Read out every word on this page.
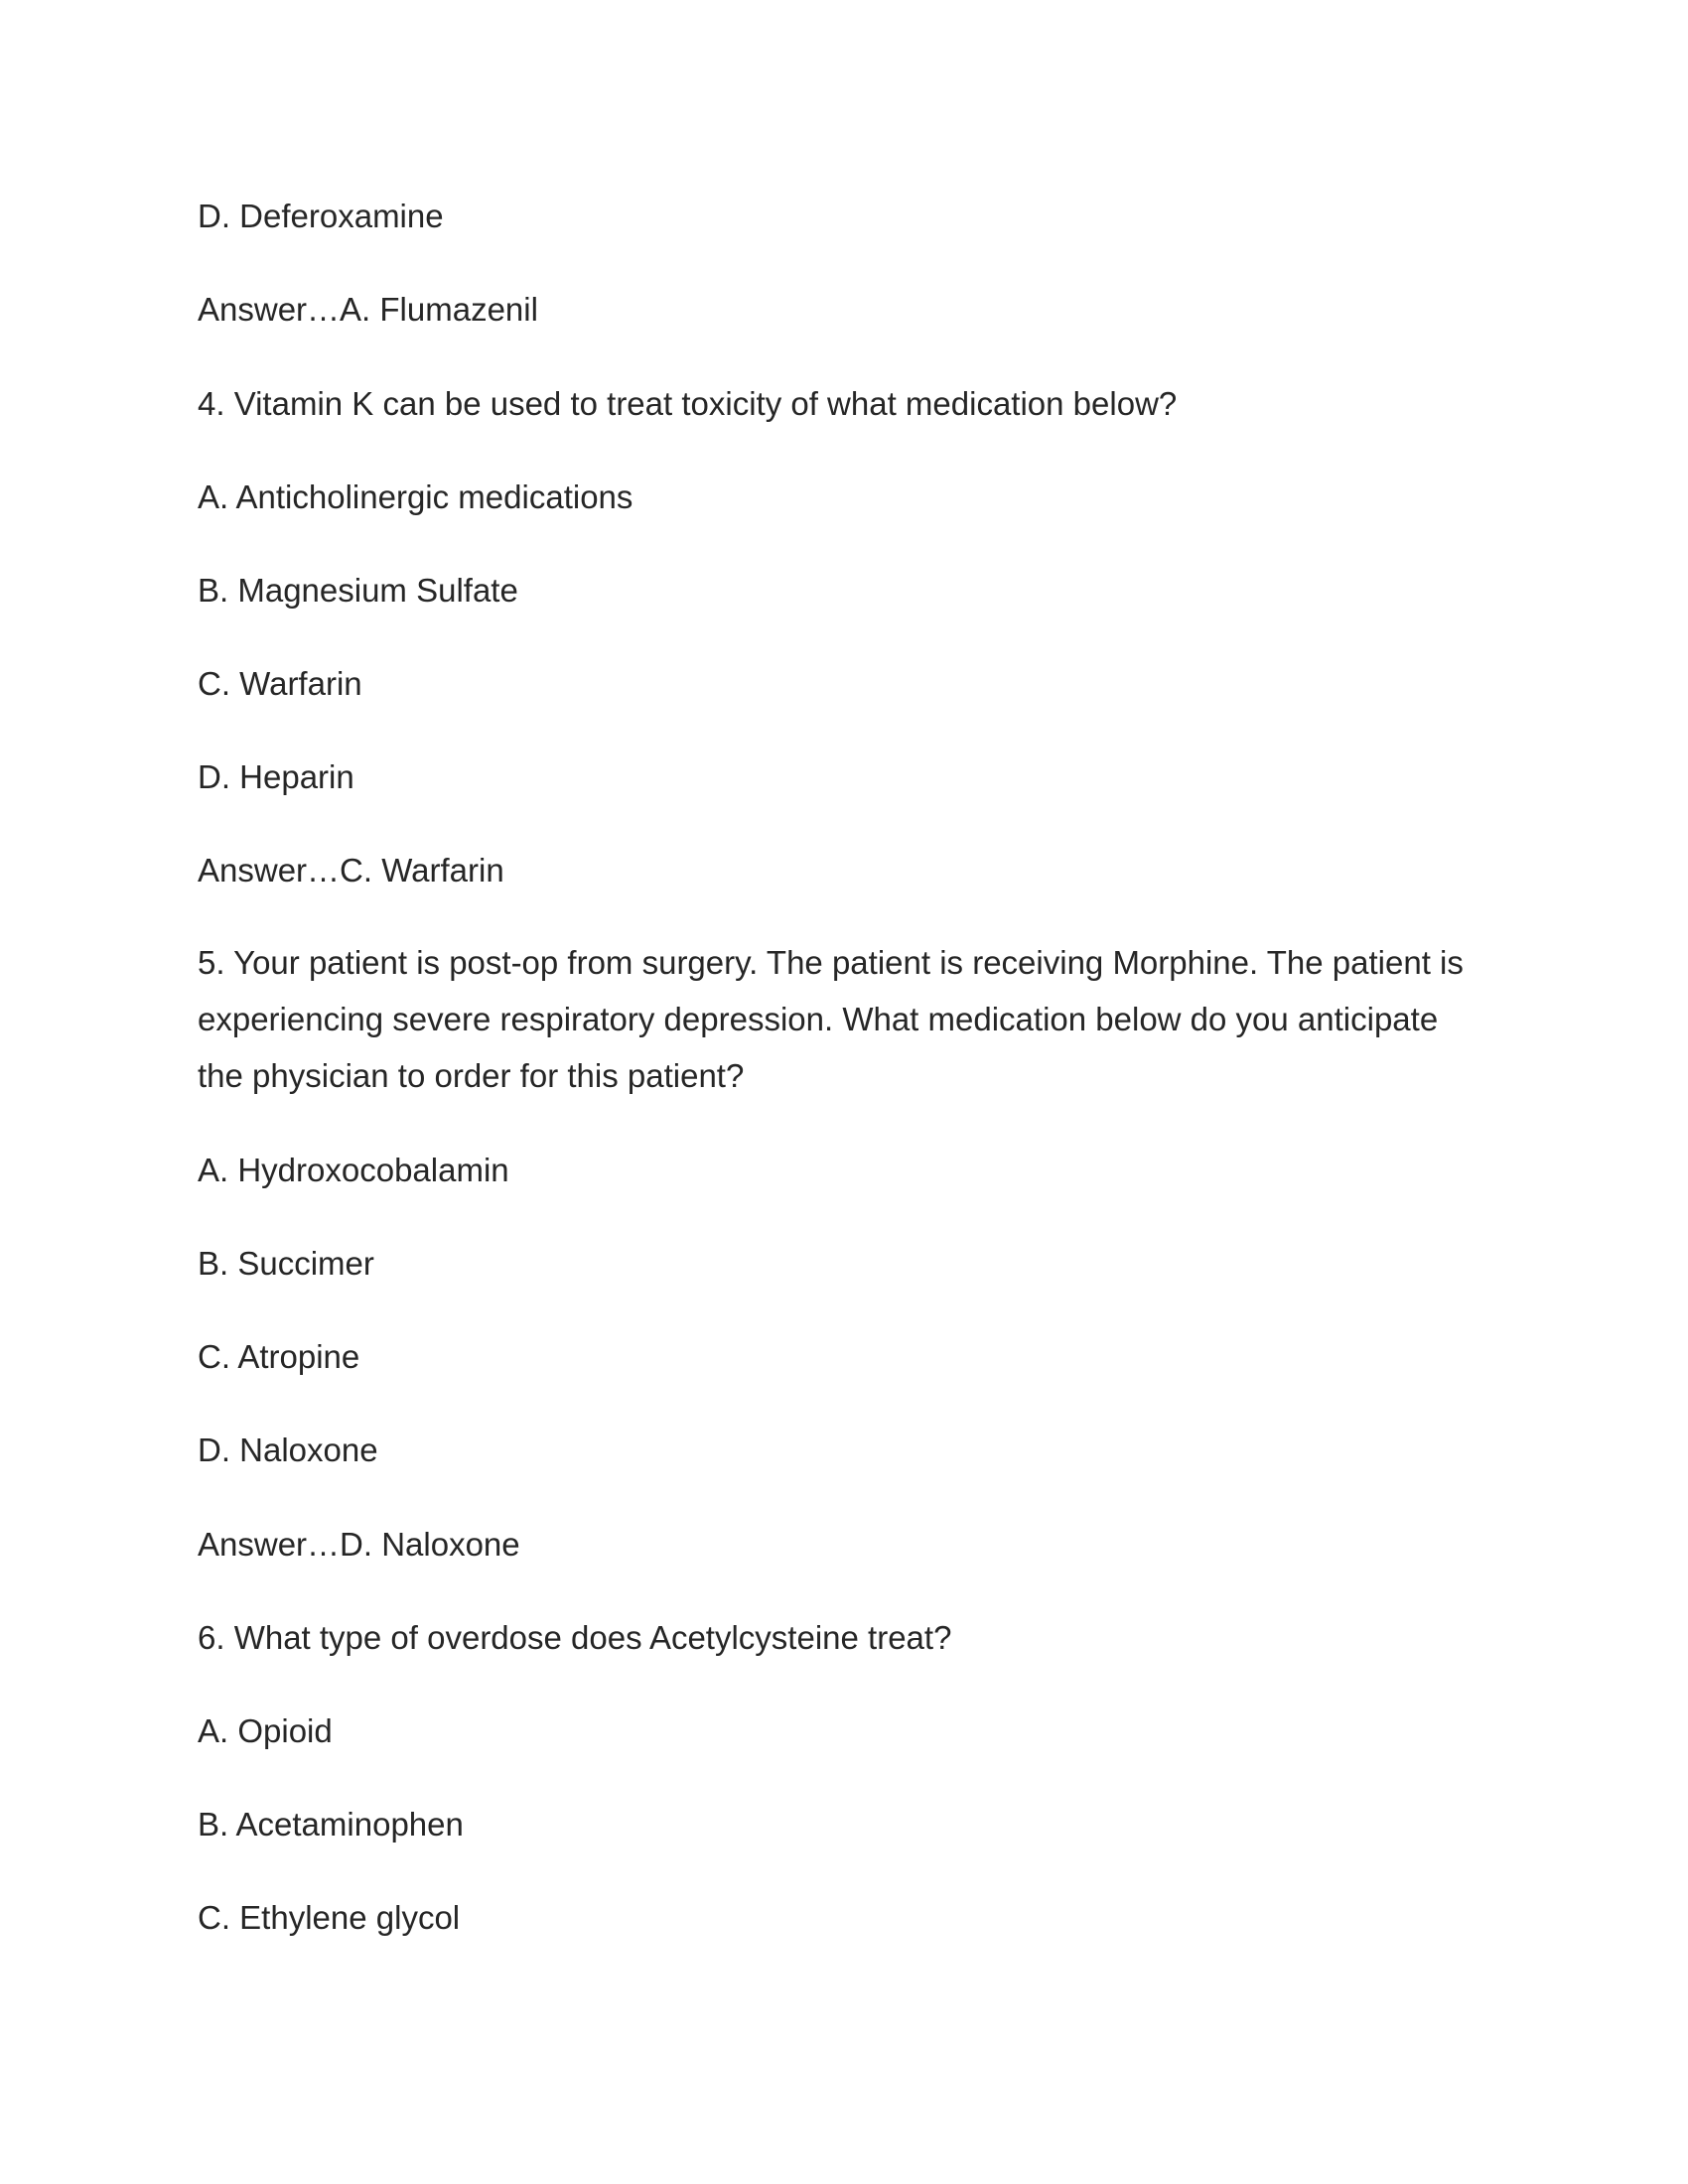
D. Deferoxamine

Answer…A. Flumazenil

4. Vitamin K can be used to treat toxicity of what medication below?

A. Anticholinergic medications

B. Magnesium Sulfate

C. Warfarin

D. Heparin

Answer…C. Warfarin

5. Your patient is post-op from surgery. The patient is receiving Morphine. The patient is experiencing severe respiratory depression. What medication below do you anticipate the physician to order for this patient?

A. Hydroxocobalamin

B. Succimer

C. Atropine

D. Naloxone

Answer…D. Naloxone

6. What type of overdose does Acetylcysteine treat?

A. Opioid

B. Acetaminophen

C. Ethylene glycol
